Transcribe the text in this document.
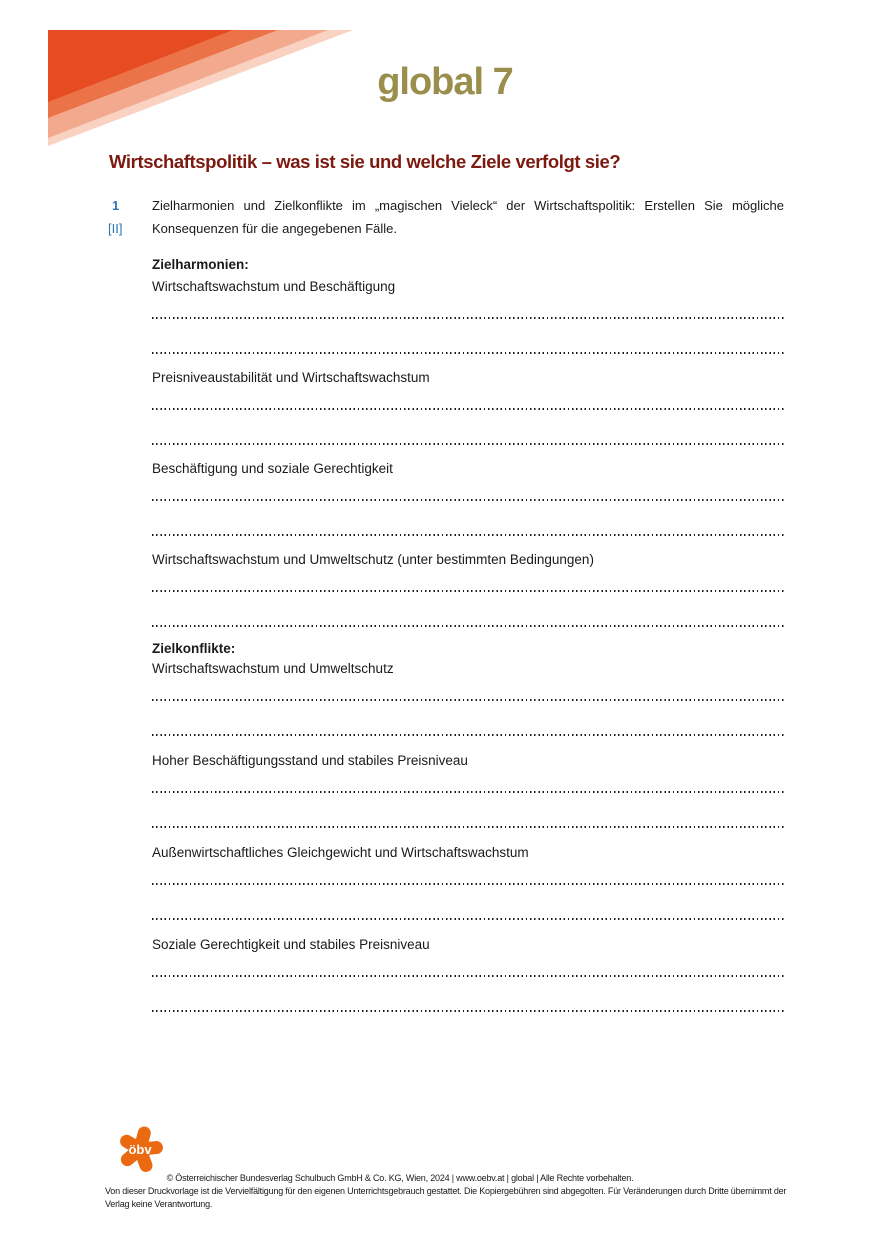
global 7
Wirtschaftspolitik – was ist sie und welche Ziele verfolgt sie?
1
[II]
Zielharmonien und Zielkonflikte im „magischen Vieleck“ der Wirtschaftspolitik: Erstellen Sie mögliche Konsequenzen für die angegebenen Fälle.
Zielharmonien:
Wirtschaftswachstum und Beschäftigung
Preisniveaustabilität und Wirtschaftswachstum
Beschäftigung und soziale Gerechtigkeit
Wirtschaftswachstum und Umweltschutz (unter bestimmten Bedingungen)
Zielkonflikte:
Wirtschaftswachstum und Umweltschutz
Hoher Beschäftigungsstand und stabiles Preisniveau
Außenwirtschaftliches Gleichgewicht und Wirtschaftswachstum
Soziale Gerechtigkeit und stabiles Preisniveau
öbv
© Österreichischer Bundesverlag Schulbuch GmbH & Co. KG, Wien, 2024 | www.oebv.at | global | Alle Rechte vorbehalten.
Von dieser Druckvorlage ist die Vervielfältigung für den eigenen Unterrichtsgebrauch gestattet. Die Kopiergebühren sind abgegolten. Für Veränderungen durch Dritte übernimmt der
Verlag keine Verantwortung.
